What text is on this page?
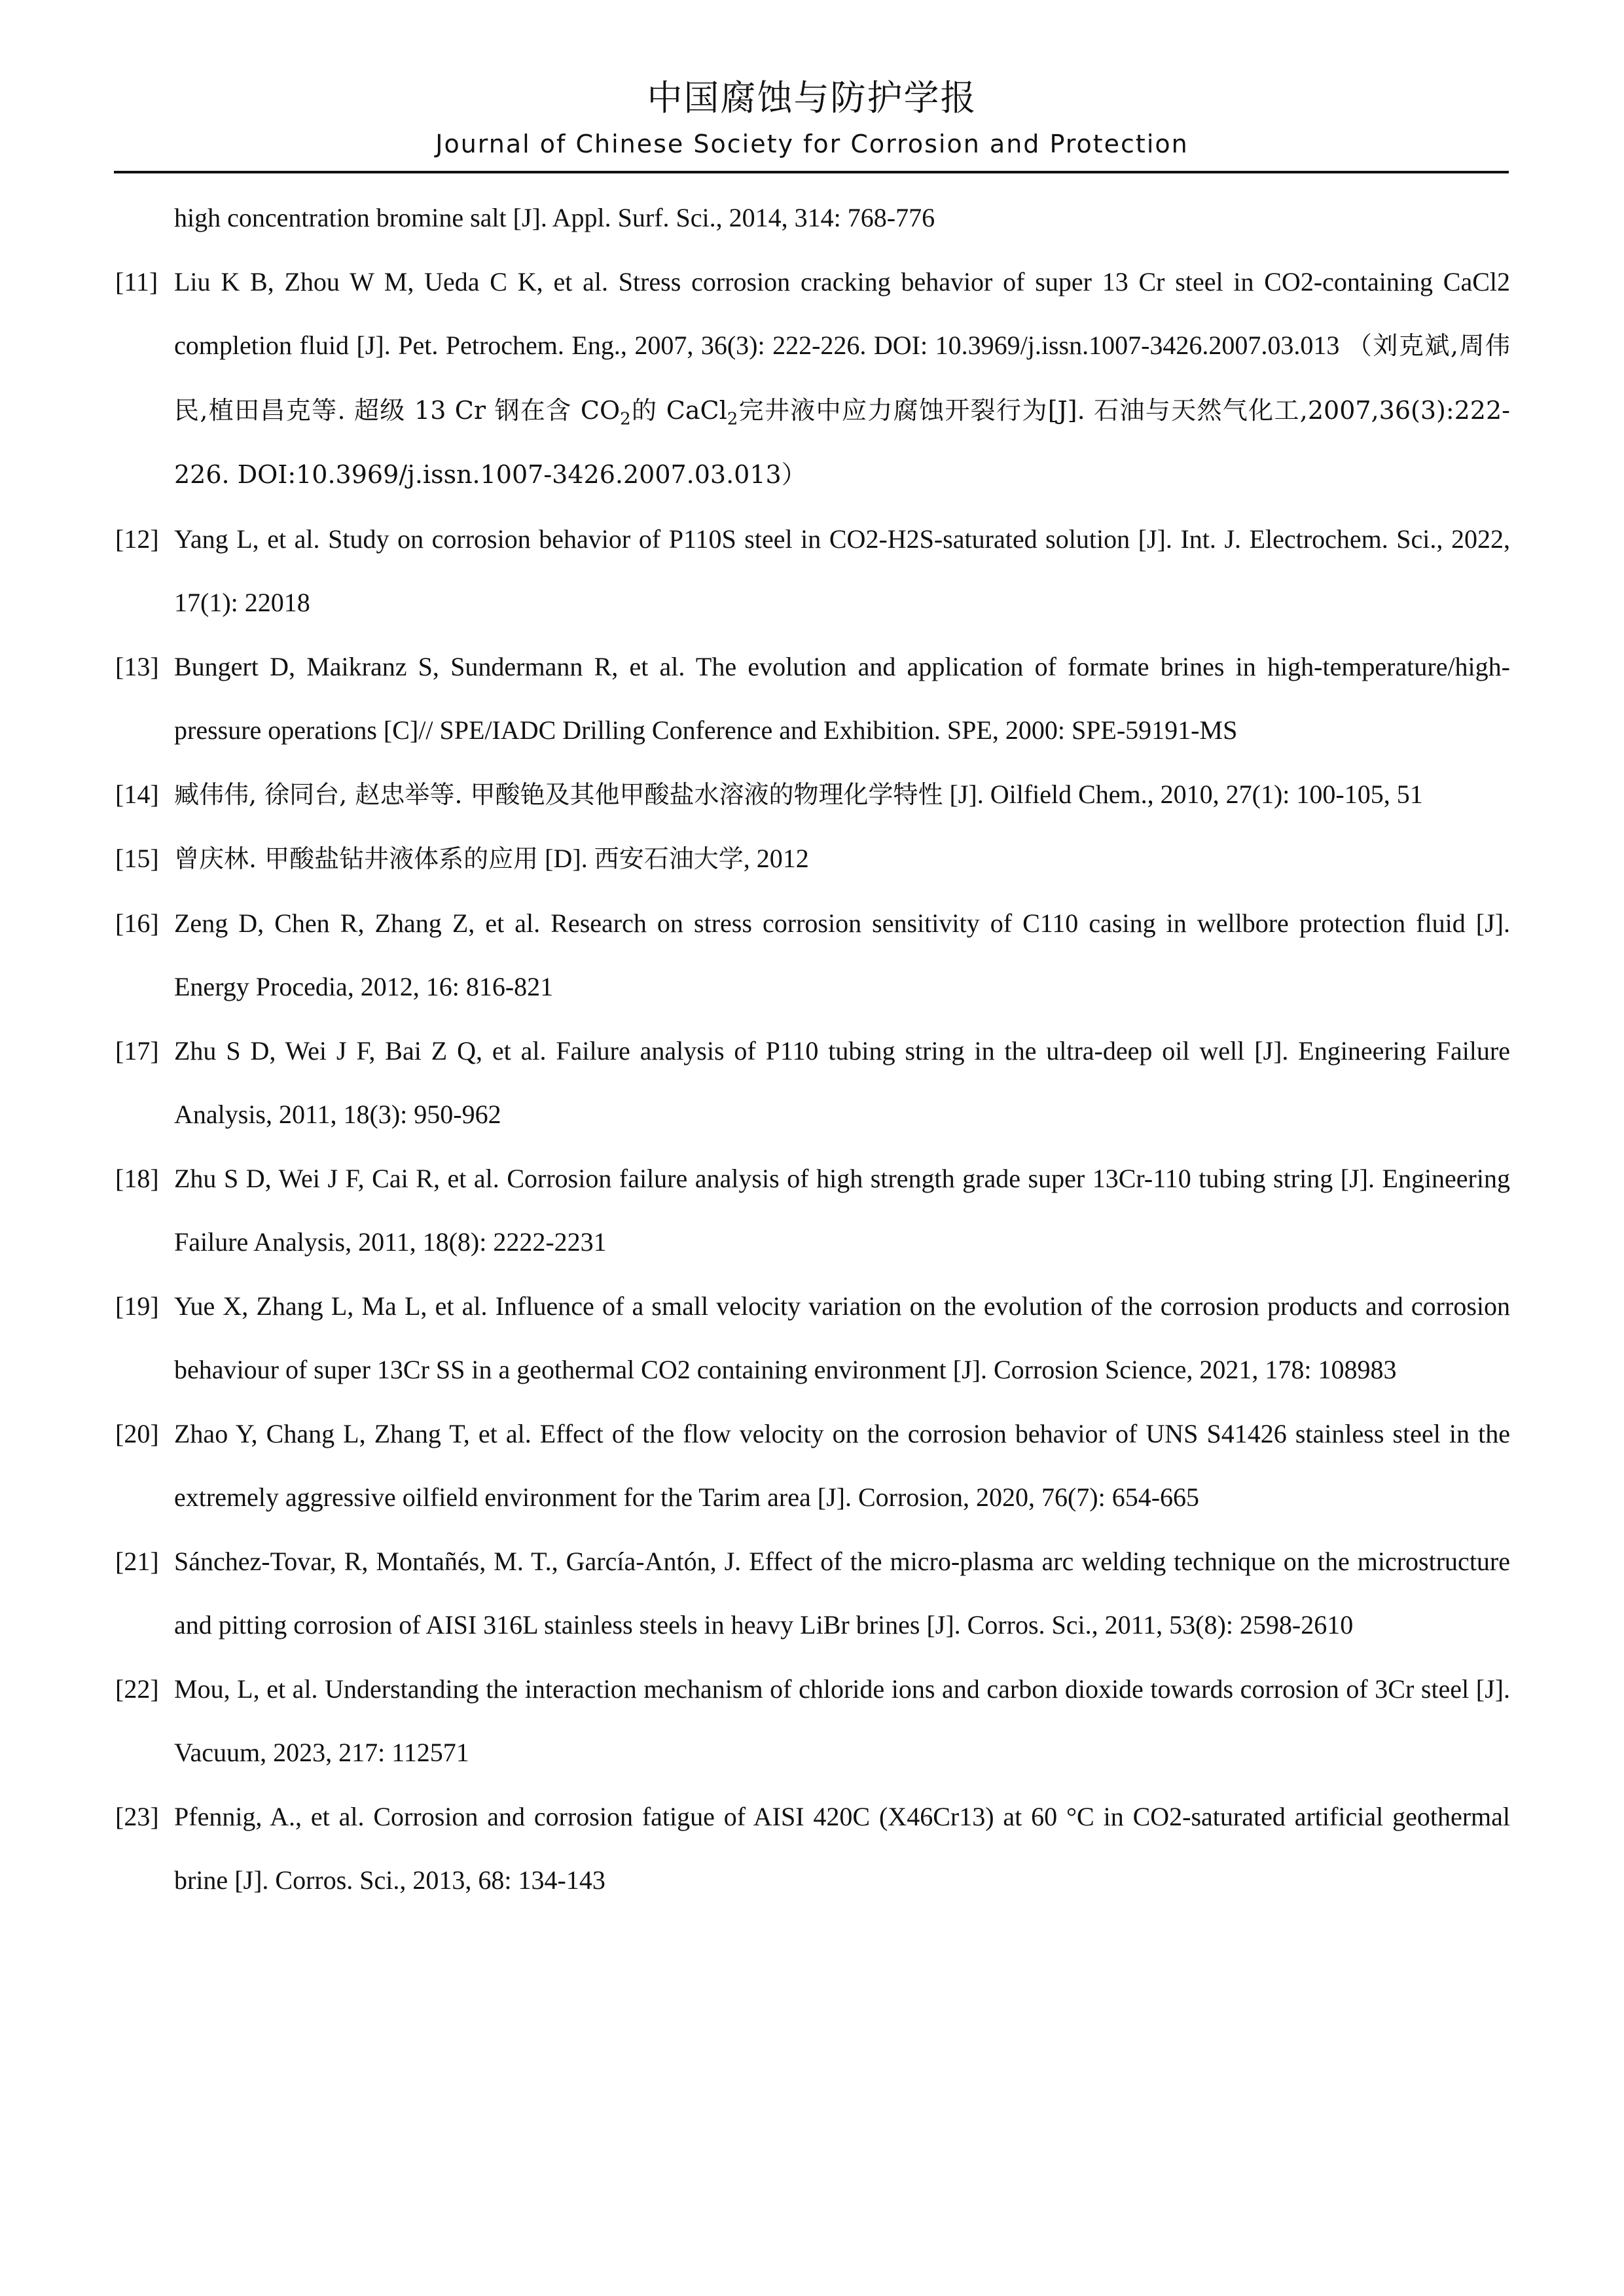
中国腐蚀与防护学报
Journal of Chinese Society for Corrosion and Protection
high concentration bromine salt [J]. Appl. Surf. Sci., 2014, 314: 768-776
[11] Liu K B, Zhou W M, Ueda C K, et al. Stress corrosion cracking behavior of super 13 Cr steel in CO2-containing CaCl2 completion fluid [J]. Pet. Petrochem. Eng., 2007, 36(3): 222-226. DOI: 10.3969/j.issn.1007-3426.2007.03.013 （刘克斌,周伟民,植田昌克等. 超级 13 Cr 钢在含 $CO_2$的 CaCl$_2$完井液中应力腐蚀开裂行为[J]. 石油与天然气化工,2007,36(3):222-226. DOI:10.3969/j.issn.1007-3426.2007.03.013）
[12] Yang L, et al. Study on corrosion behavior of P110S steel in CO2-H2S-saturated solution [J]. Int. J. Electrochem. Sci., 2022, 17(1): 22018
[13] Bungert D, Maikranz S, Sundermann R, et al. The evolution and application of formate brines in high-temperature/high-pressure operations [C]// SPE/IADC Drilling Conference and Exhibition. SPE, 2000: SPE-59191-MS
[14] 臧伟伟, 徐同台, 赵忠举等. 甲酸铯及其他甲酸盐水溶液的物理化学特性 [J]. Oilfield Chem., 2010, 27(1): 100-105, 51
[15] 曾庆林. 甲酸盐钻井液体系的应用 [D]. 西安石油大学, 2012
[16] Zeng D, Chen R, Zhang Z, et al. Research on stress corrosion sensitivity of C110 casing in wellbore protection fluid [J]. Energy Procedia, 2012, 16: 816-821
[17] Zhu S D, Wei J F, Bai Z Q, et al. Failure analysis of P110 tubing string in the ultra-deep oil well [J]. Engineering Failure Analysis, 2011, 18(3): 950-962
[18] Zhu S D, Wei J F, Cai R, et al. Corrosion failure analysis of high strength grade super 13Cr-110 tubing string [J]. Engineering Failure Analysis, 2011, 18(8): 2222-2231
[19] Yue X, Zhang L, Ma L, et al. Influence of a small velocity variation on the evolution of the corrosion products and corrosion behaviour of super 13Cr SS in a geothermal CO2 containing environment [J]. Corrosion Science, 2021, 178: 108983
[20] Zhao Y, Chang L, Zhang T, et al. Effect of the flow velocity on the corrosion behavior of UNS S41426 stainless steel in the extremely aggressive oilfield environment for the Tarim area [J]. Corrosion, 2020, 76(7): 654-665
[21] Sánchez-Tovar, R, Montañés, M. T., García-Antón, J. Effect of the micro-plasma arc welding technique on the microstructure and pitting corrosion of AISI 316L stainless steels in heavy LiBr brines [J]. Corros. Sci., 2011, 53(8): 2598-2610
[22] Mou, L, et al. Understanding the interaction mechanism of chloride ions and carbon dioxide towards corrosion of 3Cr steel [J]. Vacuum, 2023, 217: 112571
[23] Pfennig, A., et al. Corrosion and corrosion fatigue of AISI 420C (X46Cr13) at 60 °C in CO2-saturated artificial geothermal brine [J]. Corros. Sci., 2013, 68: 134-143
